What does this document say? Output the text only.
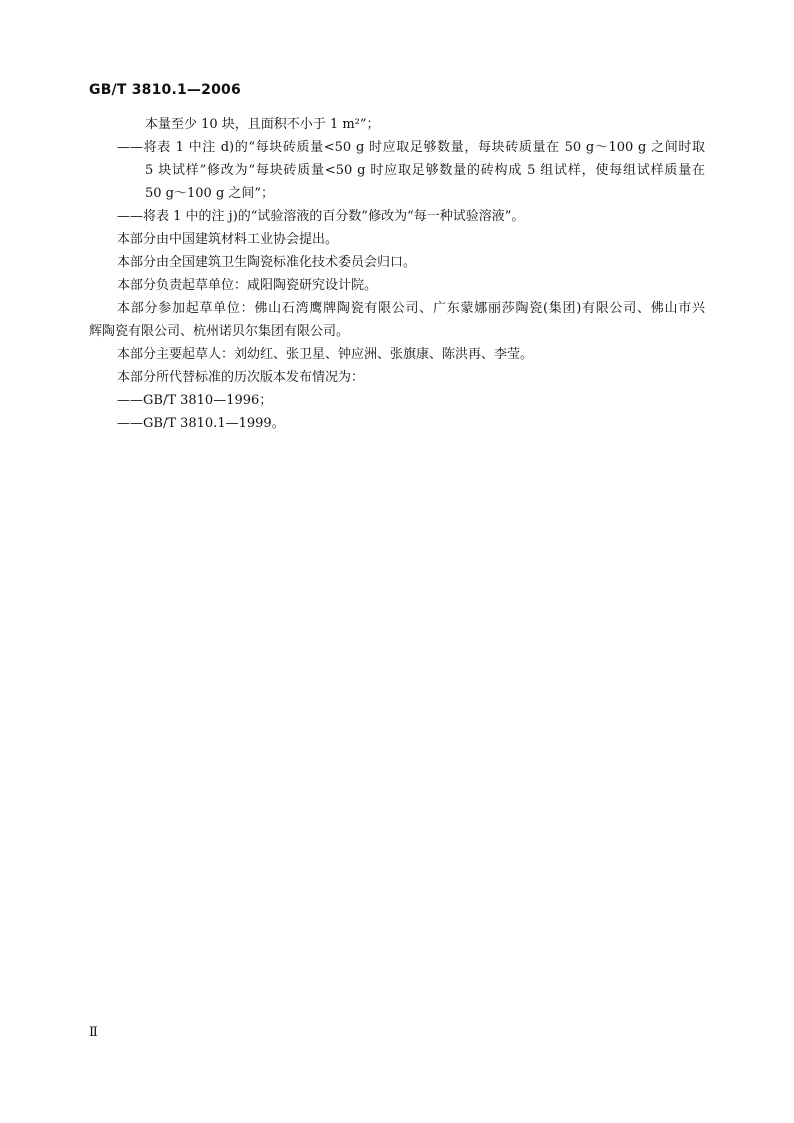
GB/T 3810.1—2006
本量至少 10 块，且面积不小于 1 m²”；
——将表 1 中注 d)的“每块砖质量<50 g 时应取足够数量，每块砖质量在 50 g～100 g 之间时取
5 块试样”修改为“每块砖质量<50 g 时应取足够数量的砖构成 5 组试样，使每组试样质量在
50 g～100 g 之间”；
——将表 1 中的注 j)的“试验溶液的百分数”修改为“每一种试验溶液”。
本部分由中国建筑材料工业协会提出。
本部分由全国建筑卫生陶瓷标准化技术委员会归口。
本部分负责起草单位：咸阳陶瓷研究设计院。
本部分参加起草单位：佛山石湾鹰牌陶瓷有限公司、广东蒙娜丽莎陶瓷(集团)有限公司、佛山市兴
辉陶瓷有限公司、杭州诺贝尔集团有限公司。
本部分主要起草人：刘幼红、张卫星、钟应洲、张旗康、陈洪再、李莹。
本部分所代替标准的历次版本发布情况为：
——GB/T 3810—1996；
——GB/T 3810.1—1999。
Ⅱ
